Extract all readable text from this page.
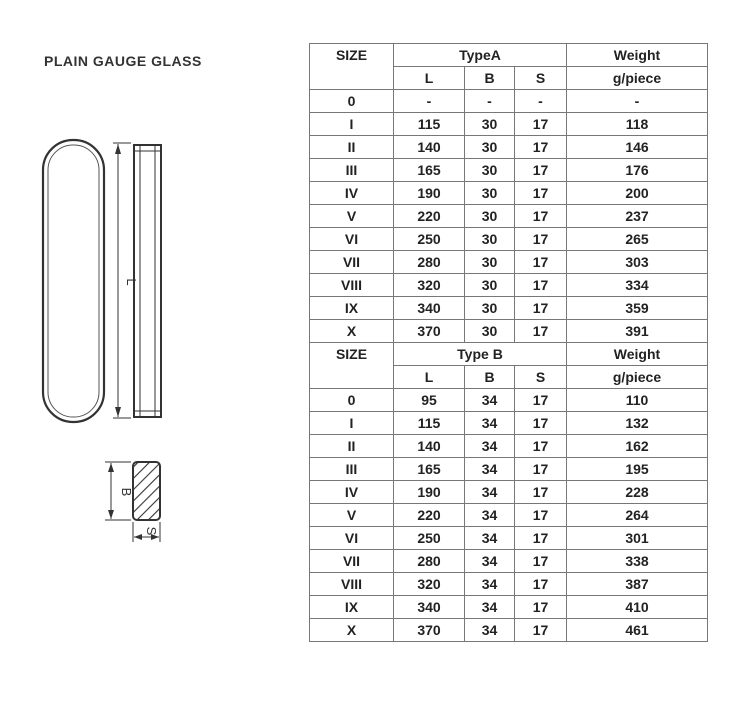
PLAIN GAUGE GLASS
L
B
S
SIZE	TypeA			Weight
	L	B	S	g/piece
0	-	-	-	-
I	115	30	17	118
II	140	30	17	146
III	165	30	17	176
IV	190	30	17	200
V	220	30	17	237
VI	250	30	17	265
VII	280	30	17	303
VIII	320	30	17	334
IX	340	30	17	359
X	370	30	17	391
SIZE	Type B			Weight
	L	B	S	g/piece
0	95	34	17	110
I	115	34	17	132
II	140	34	17	162
III	165	34	17	195
IV	190	34	17	228
V	220	34	17	264
VI	250	34	17	301
VII	280	34	17	338
VIII	320	34	17	387
IX	340	34	17	410
X	370	34	17	461
